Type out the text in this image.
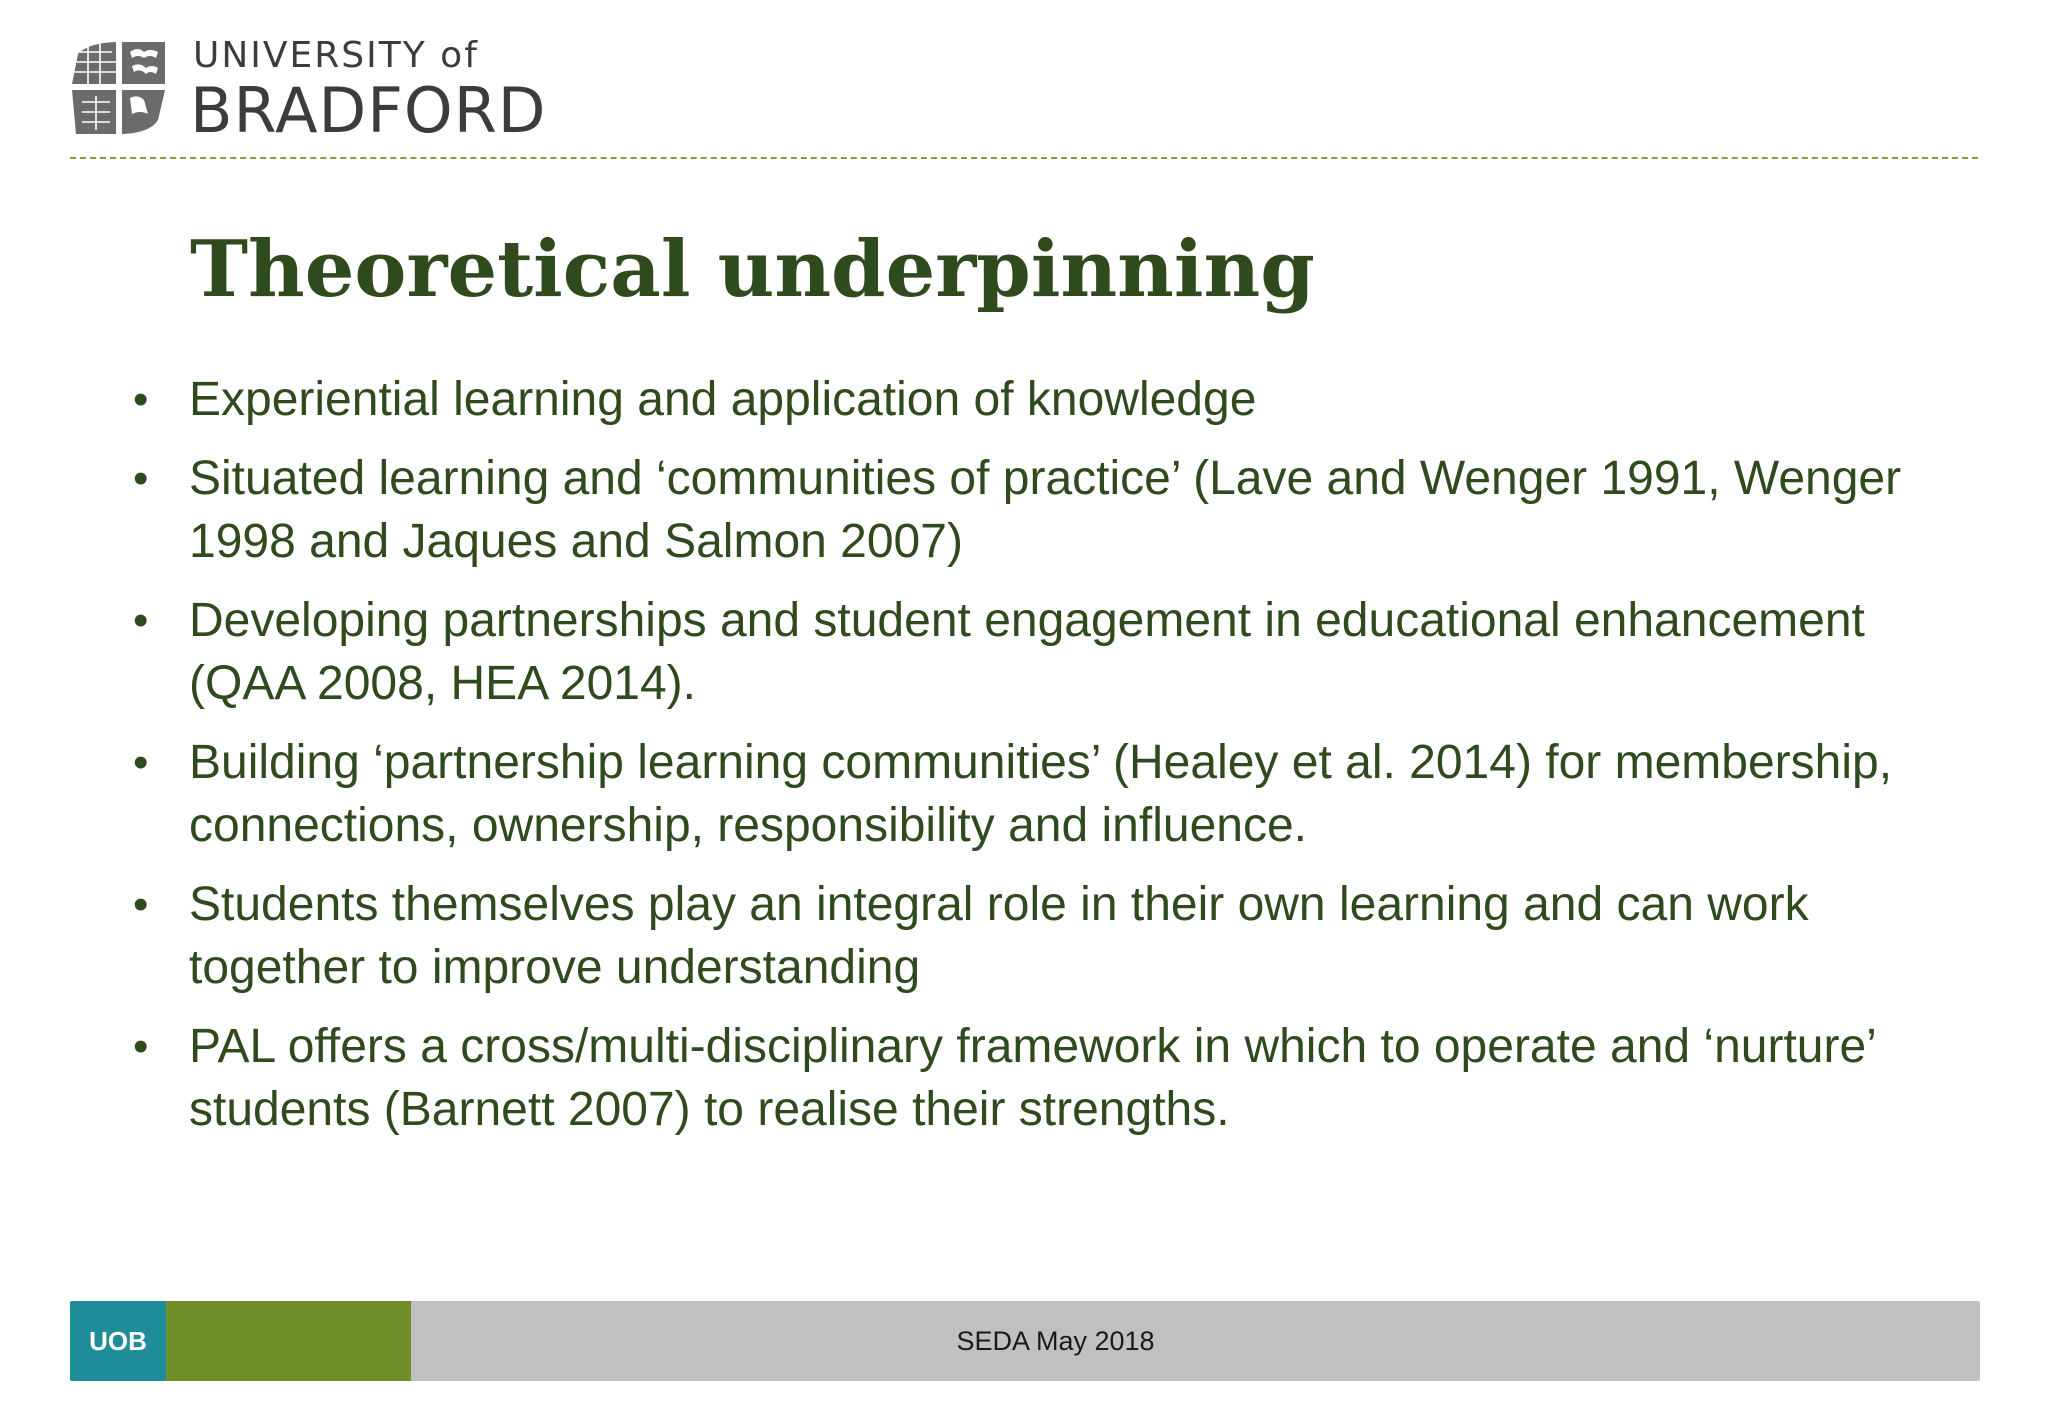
UNIVERSITY of
BRADFORD
Theoretical underpinning
• Experiential learning and application of knowledge
• Situated learning and ‘communities of practice’ (Lave and Wenger 1991, Wenger 1998 and Jaques and Salmon 2007)
• Developing partnerships and student engagement in educational enhancement (QAA 2008, HEA 2014).
• Building ‘partnership learning communities’ (Healey et al. 2014) for membership, connections, ownership, responsibility and influence.
• Students themselves play an integral role in their own learning and can work together to improve understanding
• PAL offers a cross/multi-disciplinary framework in which to operate and ‘nurture’ students (Barnett 2007) to realise their strengths.
UOB	SEDA May 2018
